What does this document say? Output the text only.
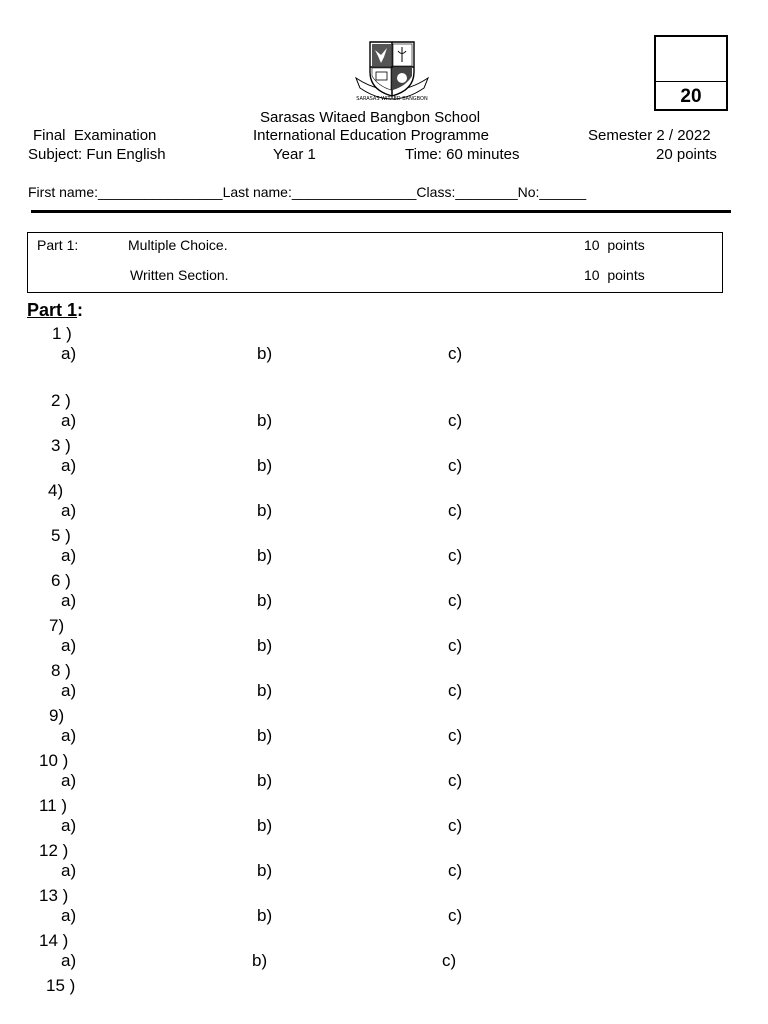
SARASAS WITAED BANGBON	20
Sarasas Witaed Bangbon School
Final  Examination	International Education Programme	Semester 2 / 2022
Subject: Fun English	Year 1	Time: 60 minutes	20 points
First name:________________Last name:________________Class:________No:______
Part 1:	Multiple Choice.	10  points
Written Section.	10  points
Part 1:
1 )
a)	b)	c)
2 )
a)	b)	c)
3 )
a)	b)	c)
4)
a)	b)	c)
5 )
a)	b)	c)
6 )
a)	b)	c)
7)
a)	b)	c)
8 )
a)	b)	c)
9)
a)	b)	c)
10 )
a)	b)	c)
11 )
a)	b)	c)
12 )
a)	b)	c)
13 )
a)	b)	c)
14 )
a)	b)	c)
15 )
